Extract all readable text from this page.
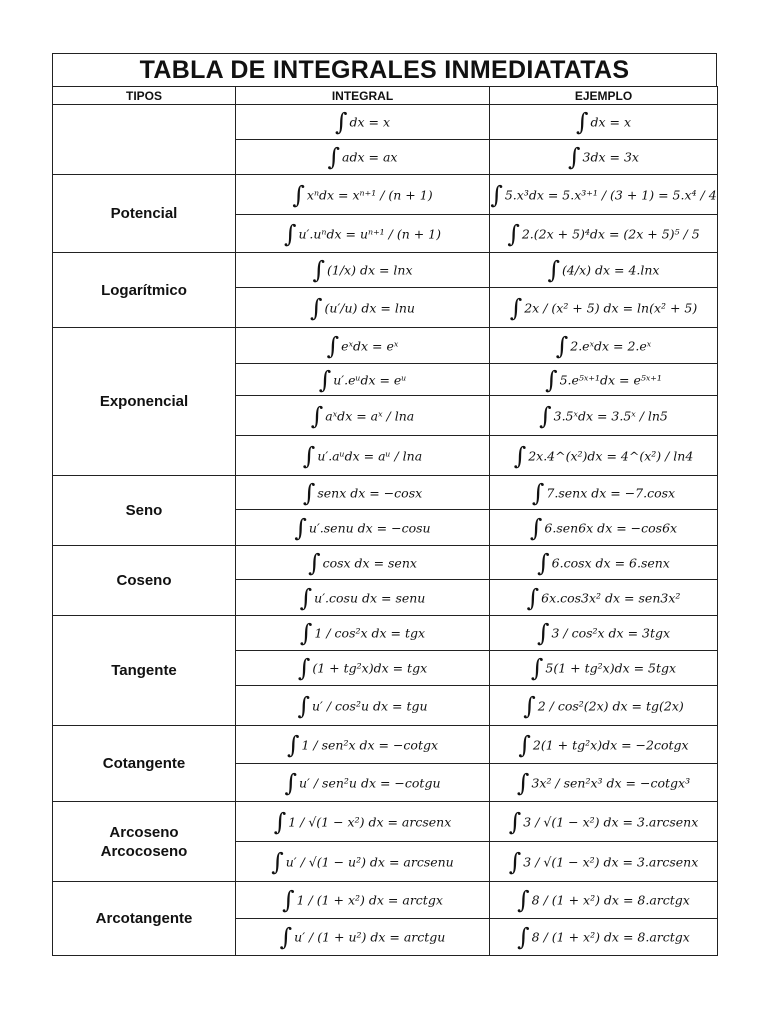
TABLA DE INTEGRALES INMEDIATATAS
TIPOS	INTEGRAL	EJEMPLO

	∫ dx = x	∫ dx = x
	∫ adx = ax	∫ 3dx = 3x

Potencial	∫ xⁿdx = xⁿ⁺¹ / (n + 1)	∫ 5.x³dx = 5.x³⁺¹ / (3 + 1) = 5.x⁴ / 4
	∫ u′.uⁿdx = uⁿ⁺¹ / (n + 1)	∫ 2.(2x + 5)⁴dx = (2x + 5)⁵ / 5

Logarítmico	∫ (1/x) dx = lnx	∫ (4/x) dx = 4.lnx
	∫ (u′/u) dx = lnu	∫ 2x / (x² + 5) dx = ln(x² + 5)

Exponencial	∫ eˣdx = eˣ	∫ 2.eˣdx = 2.eˣ
	∫ u′.eᵘdx = eᵘ	∫ 5.e⁵ˣ⁺¹dx = e⁵ˣ⁺¹
	∫ aˣdx = aˣ / lna	∫ 3.5ˣdx = 3.5ˣ / ln5
	∫ u′.aᵘdx = aᵘ / lna	∫ 2x.4^(x²)dx = 4^(x²) / ln4

Seno	∫ senx dx = −cosx	∫ 7.senx dx = −7.cosx
	∫ u′.senu dx = −cosu	∫ 6.sen6x dx = −cos6x

Coseno	∫ cosx dx = senx	∫ 6.cosx dx = 6.senx
	∫ u′.cosu dx = senu	∫ 6x.cos3x² dx = sen3x²

Tangente	∫ 1 / cos²x dx = tgx	∫ 3 / cos²x dx = 3tgx
	∫ (1 + tg²x)dx = tgx	∫ 5(1 + tg²x)dx = 5tgx
	∫ u′ / cos²u dx = tgu	∫ 2 / cos²(2x) dx = tg(2x)

Cotangente	∫ 1 / sen²x dx = −cotgx	∫ 2(1 + tg²x)dx = −2cotgx
	∫ u′ / sen²u dx = −cotgu	∫ 3x² / sen²x³ dx = −cotgx³

Arcoseno
Arcocoseno	∫ 1 / √(1 − x²) dx = arcsenx	∫ 3 / √(1 − x²) dx = 3.arcsenx
	∫ u′ / √(1 − u²) dx = arcsenu	∫ 3 / √(1 − x²) dx = 3.arcsenx

Arcotangente	∫ 1 / (1 + x²) dx = arctgx	∫ 8 / (1 + x²) dx = 8.arctgx
	∫ u′ / (1 + u²) dx = arctgu	∫ 8 / (1 + x²) dx = 8.arctgx
